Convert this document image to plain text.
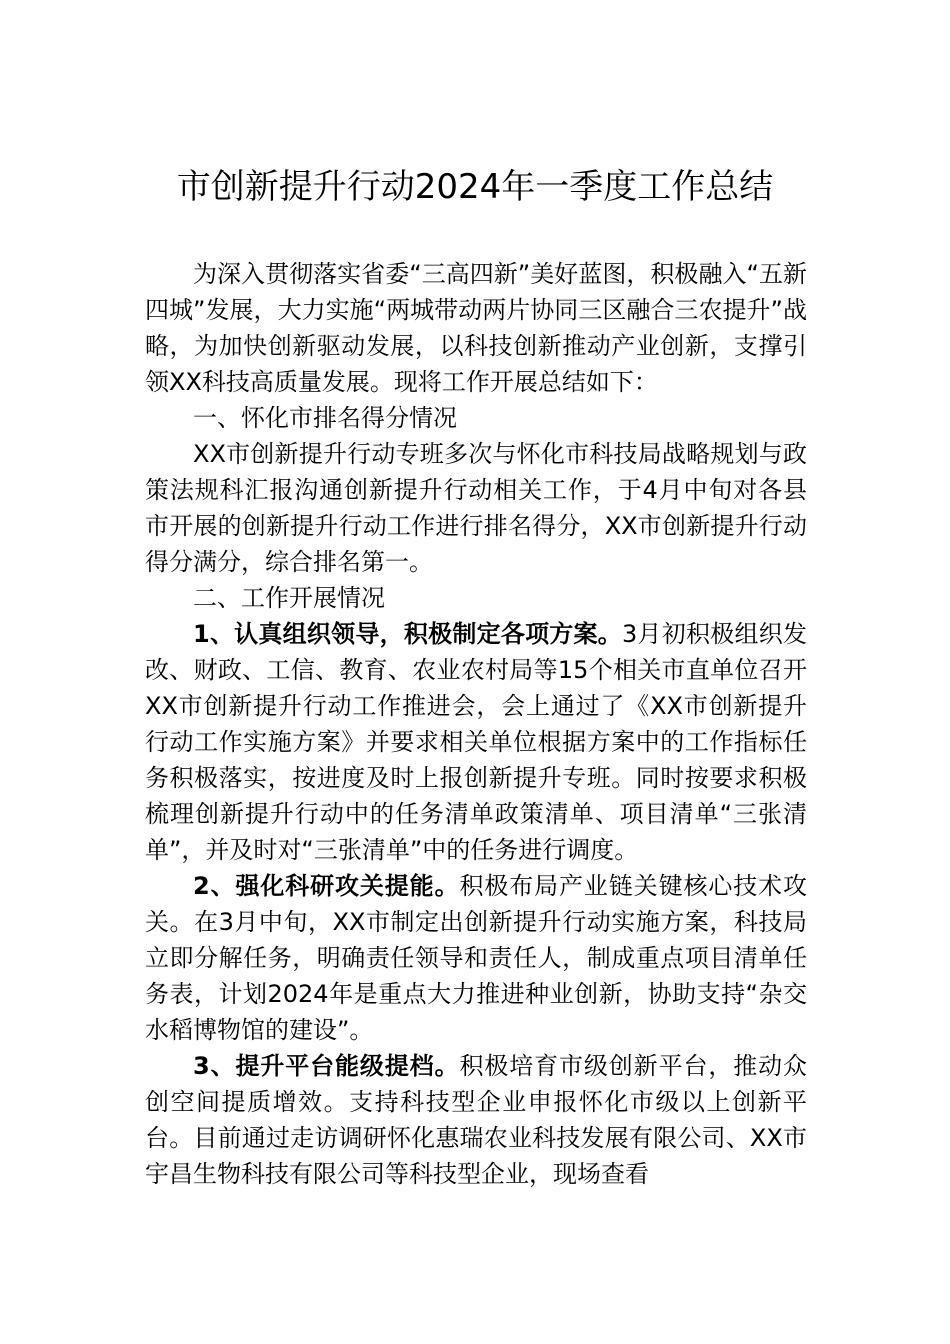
市创新提升行动2024年一季度工作总结

为深入贯彻落实省委“三高四新”美好蓝图，积极融入“五新四城”发展，大力实施“两城带动两片协同三区融合三农提升”战略，为加快创新驱动发展，以科技创新推动产业创新，支撑引领XX科技高质量发展。现将工作开展总结如下：

一、怀化市排名得分情况

XX市创新提升行动专班多次与怀化市科技局战略规划与政策法规科汇报沟通创新提升行动相关工作，于4月中旬对各县市开展的创新提升行动工作进行排名得分，XX市创新提升行动得分满分，综合排名第一。

二、工作开展情况

1、认真组织领导，积极制定各项方案。3月初积极组织发改、财政、工信、教育、农业农村局等15个相关市直单位召开XX市创新提升行动工作推进会，会上通过了《XX市创新提升行动工作实施方案》并要求相关单位根据方案中的工作指标任务积极落实，按进度及时上报创新提升专班。同时按要求积极梳理创新提升行动中的任务清单政策清单、项目清单“三张清单”，并及时对“三张清单”中的任务进行调度。

2、强化科研攻关提能。积极布局产业链关键核心技术攻关。在3月中旬，XX市制定出创新提升行动实施方案，科技局立即分解任务，明确责任领导和责任人，制成重点项目清单任务表，计划2024年是重点大力推进种业创新，协助支持“杂交水稻博物馆的建设”。

3、提升平台能级提档。积极培育市级创新平台，推动众创空间提质增效。支持科技型企业申报怀化市级以上创新平台。目前通过走访调研怀化惠瑞农业科技发展有限公司、XX市宇昌生物科技有限公司等科技型企业，现场查看
